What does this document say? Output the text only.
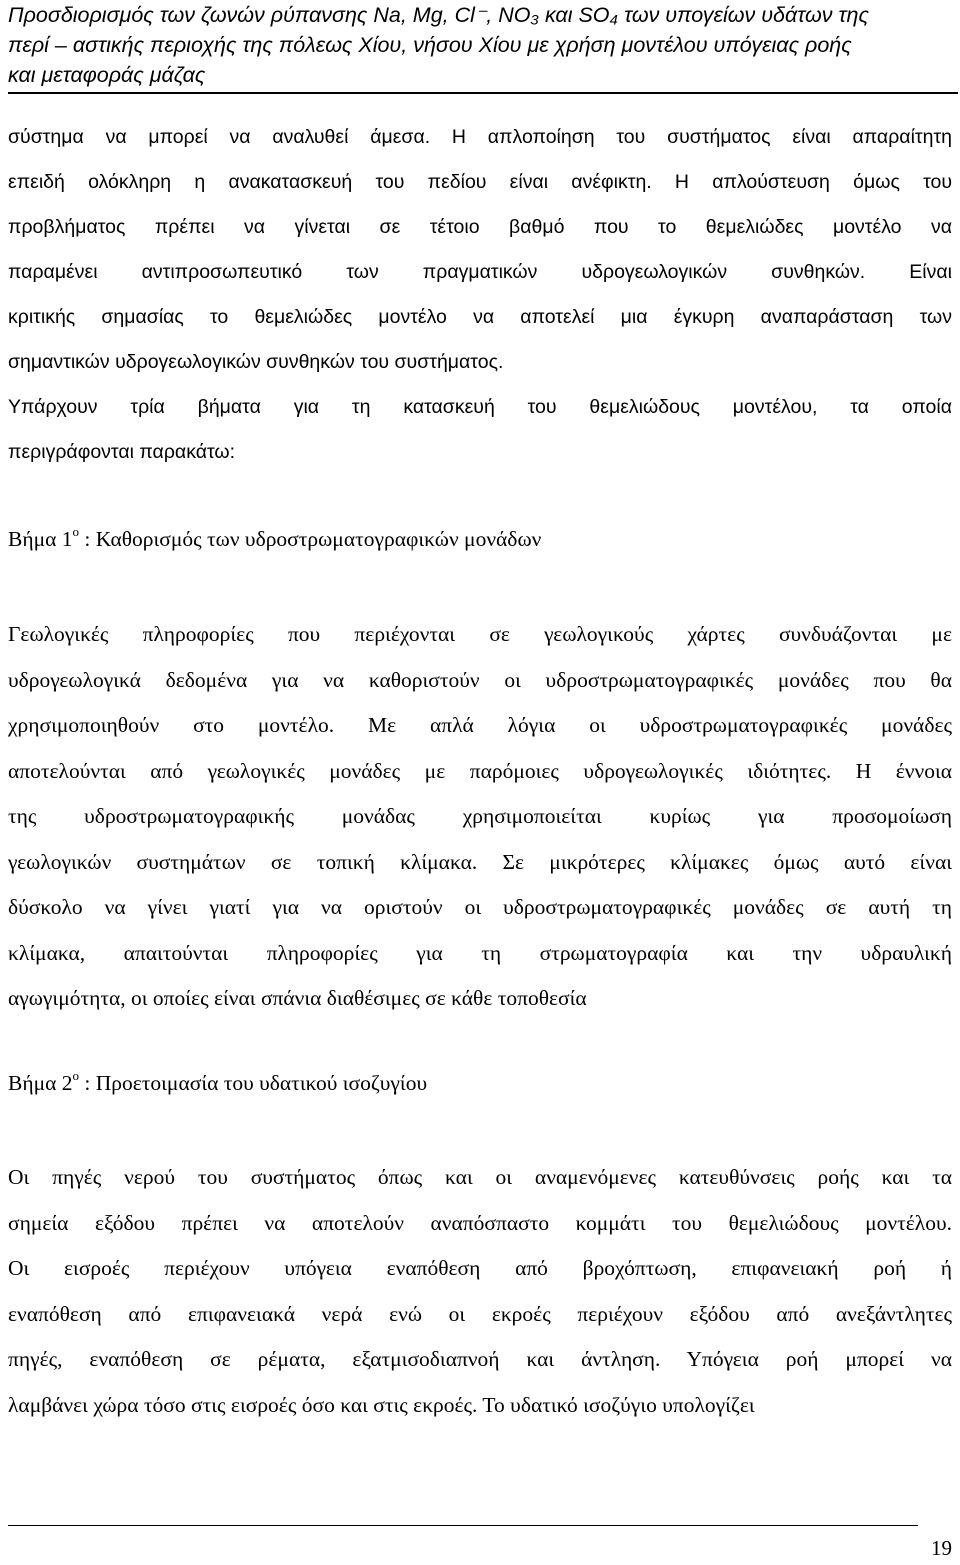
Προσδιορισμός των ζωνών ρύπανσης Na, Mg, Cl⁻, NO₃ και SO₄ των υπογείων υδάτων της
περί – αστικής περιοχής της πόλεως Χίου, νήσου Χίου με χρήση μοντέλου υπόγειας ροής
και μεταφοράς μάζας
σύστημα να μπορεί να αναλυθεί άμεσα. Η απλοποίηση του συστήματος είναι απαραίτητη
επειδή ολόκληρη η ανακατασκευή του πεδίου είναι ανέφικτη. Η απλούστευση όμως του
προβλήματος πρέπει να γίνεται σε τέτοιο βαθμό που το θεμελιώδες μοντέλο να
παραμένει αντιπροσωπευτικό των πραγματικών υδρογεωλογικών συνθηκών. Είναι
κριτικής σημασίας το θεμελιώδες μοντέλο να αποτελεί μια έγκυρη αναπαράσταση των
σημαντικών υδρογεωλογικών συνθηκών του συστήματος.
Υπάρχουν τρία βήματα για τη κατασκευή του θεμελιώδους μοντέλου, τα οποία
περιγράφονται παρακάτω:
Βήμα $1^o$ : Καθορισμός των υδροστρωματογραφικών μονάδων
Γεωλογικές πληροφορίες που περιέχονται σε γεωλογικούς χάρτες συνδυάζονται με
υδρογεωλογικά δεδομένα για να καθοριστούν οι υδροστρωματογραφικές μονάδες που θα
χρησιμοποιηθούν στο μοντέλο. Με απλά λόγια οι υδροστρωματογραφικές μονάδες
αποτελούνται από γεωλογικές μονάδες με παρόμοιες υδρογεωλογικές ιδιότητες. Η έννοια
της υδροστρωματογραφικής μονάδας χρησιμοποιείται κυρίως για προσομοίωση
γεωλογικών συστημάτων σε τοπική κλίμακα. Σε μικρότερες κλίμακες όμως αυτό είναι
δύσκολο να γίνει γιατί για να οριστούν οι υδροστρωματογραφικές μονάδες σε αυτή τη
κλίμακα, απαιτούνται πληροφορίες για τη στρωματογραφία και την υδραυλική
αγωγιμότητα, οι οποίες είναι σπάνια διαθέσιμες σε κάθε τοποθεσία
Βήμα $2^o$ : Προετοιμασία του υδατικού ισοζυγίου
Οι πηγές νερού του συστήματος όπως και οι αναμενόμενες κατευθύνσεις ροής και τα
σημεία εξόδου πρέπει να αποτελούν αναπόσπαστο κομμάτι του θεμελιώδους μοντέλου.
Οι εισροές περιέχουν υπόγεια εναπόθεση από βροχόπτωση, επιφανειακή ροή ή
εναπόθεση από επιφανειακά νερά ενώ οι εκροές περιέχουν εξόδου από ανεξάντλητες
πηγές, εναπόθεση σε ρέματα, εξατμισοδιαπνοή και άντληση. Υπόγεια ροή μπορεί να
λαμβάνει χώρα τόσο στις εισροές όσο και στις εκροές. Το υδατικό ισοζύγιο υπολογίζει
19
